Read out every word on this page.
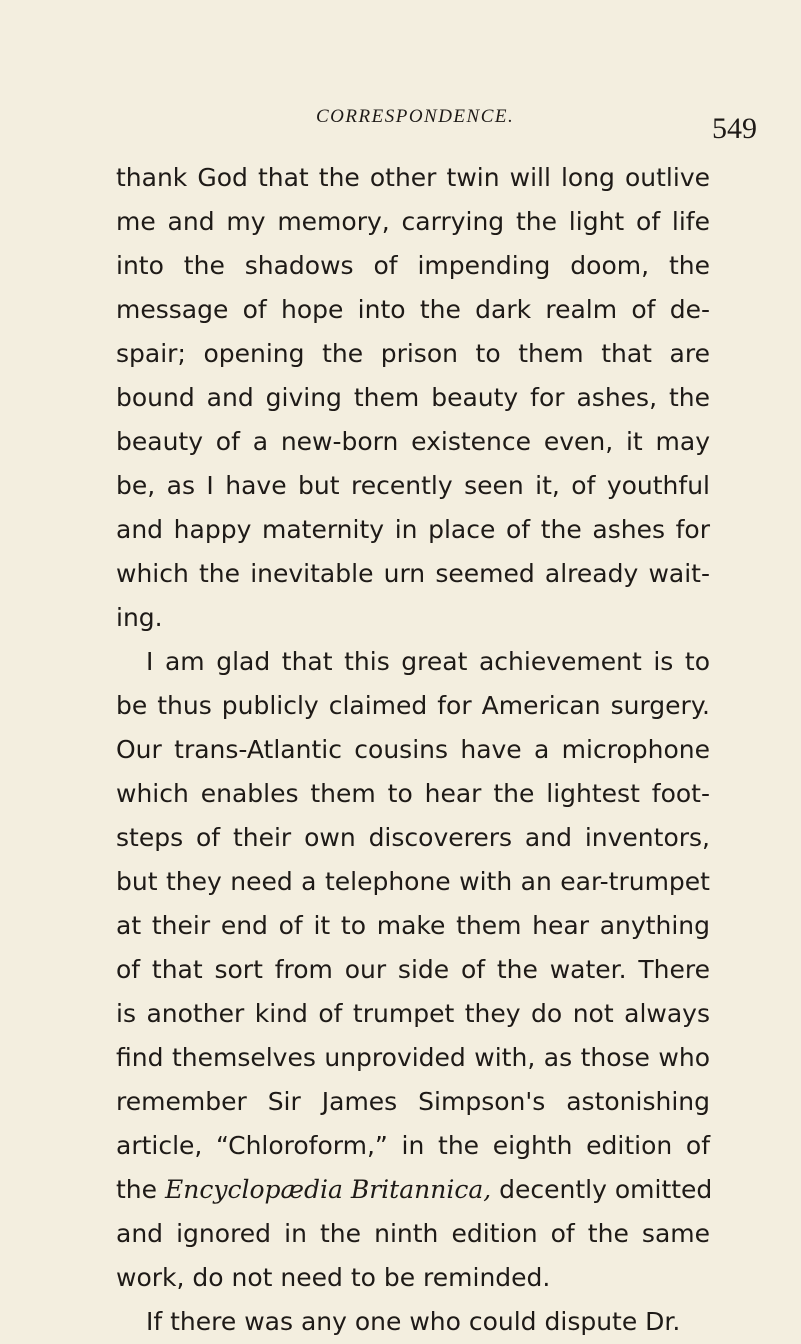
CORRESPONDENCE.	549
thank God that the other twin will long outlive
me and my memory, carrying the light of life
into the shadows of impending doom, the
message of hope into the dark realm of de-
spair; opening the prison to them that are
bound and giving them beauty for ashes, the
beauty of a new-born existence even, it may
be, as I have but recently seen it, of youthful
and happy maternity in place of the ashes for
which the inevitable urn seemed already wait-
ing.
I am glad that this great achievement is to
be thus publicly claimed for American surgery.
Our trans-Atlantic cousins have a microphone
which enables them to hear the lightest foot-
steps of their own discoverers and inventors,
but they need a telephone with an ear-trumpet
at their end of it to make them hear anything
of that sort from our side of the water. There
is another kind of trumpet they do not always
find themselves unprovided with, as those who
remember Sir James Simpson's astonishing
article, “Chloroform,” in the eighth edition of
the Encyclopædia Britannica, decently omitted
and ignored in the ninth edition of the same
work, do not need to be reminded.
If there was any one who could dispute Dr.
